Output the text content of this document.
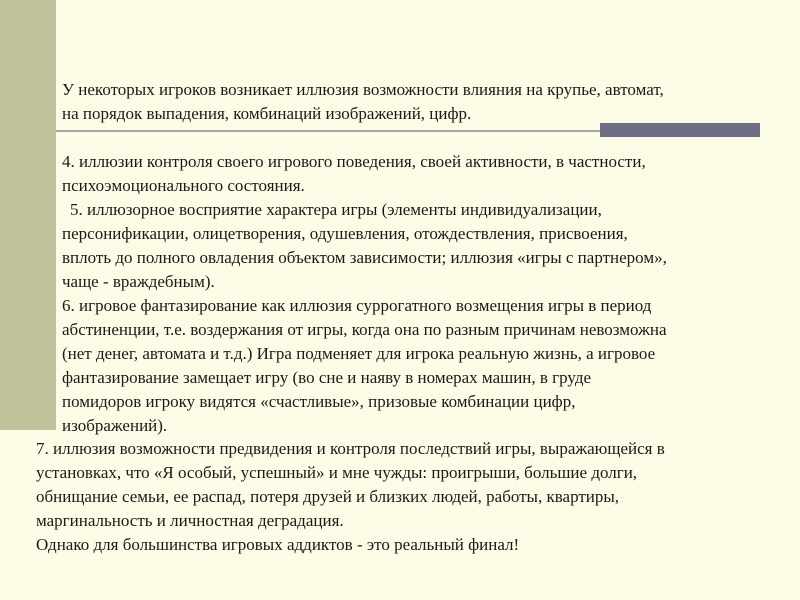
У некоторых игроков возникает иллюзия возможности влияния на крупье, автомат,

на порядок выпадения, комбинаций изображений, цифр.

4. иллюзии контроля своего игрового поведения, своей активности, в частности,

психоэмоционального состояния.

5. иллюзорное восприятие характера игры (элементы индивидуализации,

персонификации, олицетворения, одушевления, отождествления, присвоения,

вплоть до полного овладения объектом зависимости; иллюзия «игры с партнером»,

чаще - враждебным).

6. игровое фантазирование как иллюзия суррогатного возмещения игры в период

абстиненции, т.е. воздержания от игры, когда она по разным причинам невозможна

(нет денег, автомата и т.д.) Игра подменяет для игрока реальную жизнь, а игровое

фантазирование замещает игру (во сне и наяву в номерах машин, в груде

помидоров игроку видятся «счастливые», призовые комбинации цифр,

изображений).

7. иллюзия возможности предвидения и контроля последствий игры, выражающейся в

установках, что «Я особый, успешный» и мне чужды: проигрыши, большие долги,

обнищание семьи, ее распад, потеря друзей и близких людей, работы, квартиры,

маргинальность и личностная деградация.

Однако для большинства игровых аддиктов - это реальный финал!
